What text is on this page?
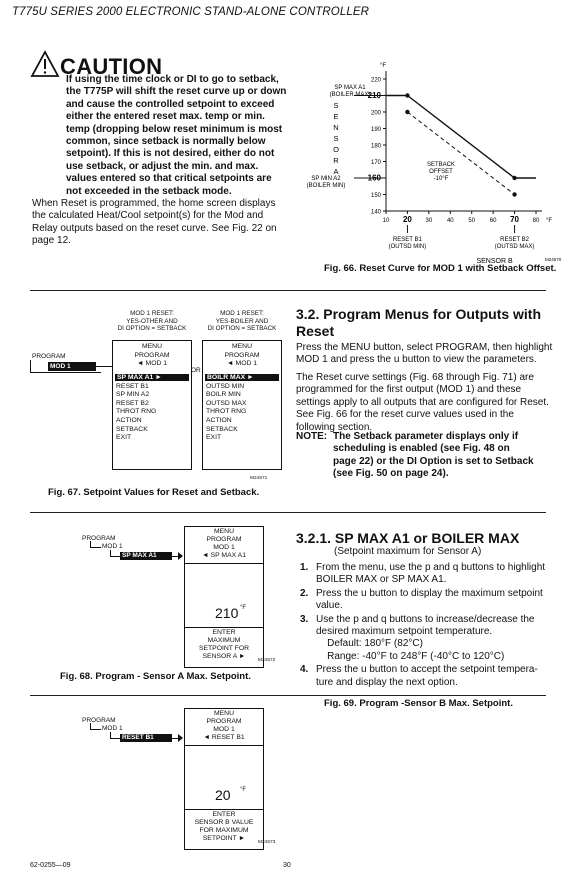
T775U SERIES 2000 ELECTRONIC STAND-ALONE CONTROLLER
CAUTION
If using the time clock or DI to go to setback,
the T775P will shift the reset curve up or down
and cause the controlled setpoint to exceed
either the entered reset max. temp or min.
temp (dropping below reset minimum is most
common, since setback is normally below
setpoint). If this is not desired, either do not
use setback, or adjust the min. and max.
values entered so that critical setpoints are
not exceeded in the setback mode.
When Reset is programmed, the home screen displays
the calculated Heat/Cool setpoint(s) for the Mod and
Relay outputs based on the reset curve. See Fig. 22 on
page 12.
°F
220
210
200
190
180
170
160
150
140
10 20 30 40 50 60 70 80 °F
SP MAX A1
(BOILER MAX)
SP MIN A2
(BOILER MIN)
S
E
N
S
O
R
A
SETBACK
OFFSET
-10°F
RESET B1
(OUTSD MIN)
RESET B2
(OUTSD MAX)
SENSOR B	M24570
Fig. 66. Reset Curve for MOD 1 with Setback Offset.
PROGRAM
MOD 1
MOD 1 RESET:
YES-OTHER AND
DI OPTION = SETBACK
MOD 1 RESET:
YES-BOILER AND
DI OPTION = SETBACK
MENU
PROGRAM
◄ MOD 1
SP MAX A1 ►
RESET B1
SP MIN A2
RESET B2
THROT RNG
ACTION
SETBACK
EXIT
OR
MENU
PROGRAM
◄ MOD 1
BOILR MAX ►
OUTSD MIN
BOILR MIN
OUTSD MAX
THROT RNG
ACTION
SETBACK
EXIT
M24571
Fig. 67. Setpoint Values for Reset and Setback.
3.2. Program Menus for Outputs with
Reset
Press the MENU button, select PROGRAM, then highlight
MOD 1 and press the u button to view the parameters.
The Reset curve settings (Fig. 68 through Fig. 71) are
programmed for the first output (MOD 1) and these
settings apply to all outputs that are configured for Reset.
See Fig. 66 for the reset curve values used in the
following section.
NOTE: The Setback parameter displays only if
scheduling is enabled (see Fig. 48 on
page 22) or the DI Option is set to Setback
(see Fig. 50 on page 24).
PROGRAM
MOD 1
SP MAX A1
MENU
PROGRAM
MOD 1
◄ SP MAX A1
210 °F
ENTER
MAXIMUM
SETPOINT FOR
SENSOR A ►
M24572
Fig. 68. Program - Sensor A Max. Setpoint.
3.2.1. SP MAX A1 or BOILER MAX
(Setpoint maximum for Sensor A)
1. From the menu, use the p and q buttons to highlight
BOILER MAX or SP MAX A1.
2. Press the u button to display the maximum setpoint
value.
3. Use the p and q buttons to increase/decrease the
desired maximum setpoint temperature.
Default: 180°F (82°C)
Range: -40°F to 248°F (-40°C to 120°C)
4. Press the u button to accept the setpoint tempera-
ture and display the next option.
Fig. 69. Program -Sensor B Max. Setpoint.
PROGRAM
MOD 1
RESET B1
MENU
PROGRAM
MOD 1
◄ RESET B1
20 °F
ENTER
SENSOR B VALUE
FOR MAXIMUM
SETPOINT ►
M24573
62-0255—09	30
